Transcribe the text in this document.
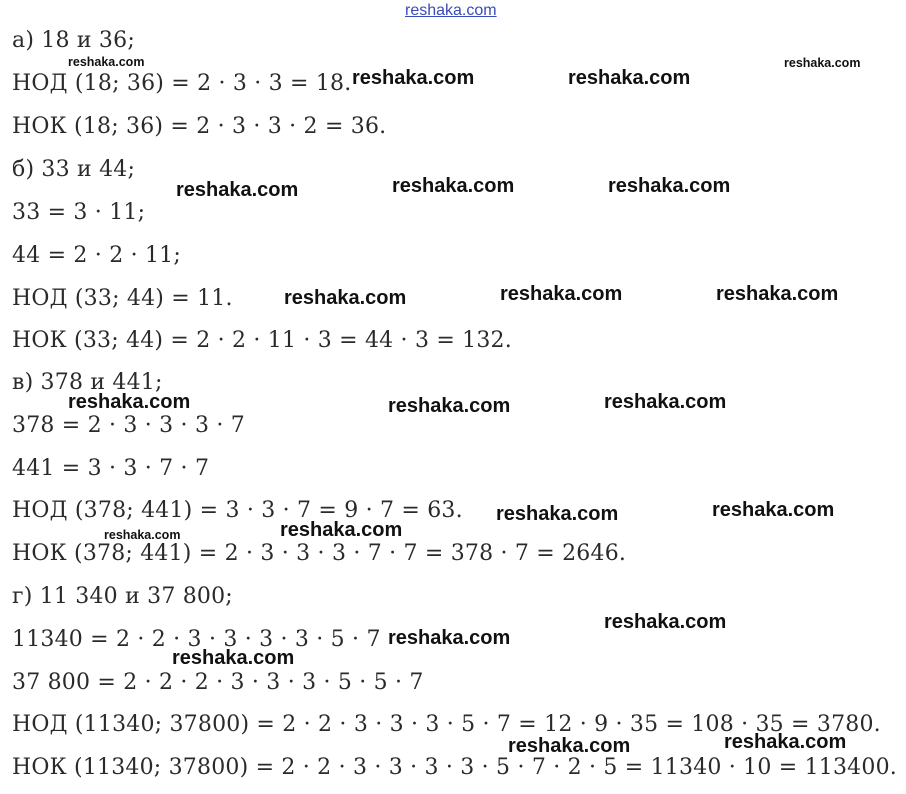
а) 18 и 36;
НОД (18; 36) = 2 · 3 · 3 = 18.
НОК (18; 36) = 2 · 3 · 3 · 2 = 36.
б) 33 и 44;
33 = 3 · 11;
44 = 2 · 2 · 11;
НОД (33; 44) = 11.
НОК (33; 44) = 2 · 2 · 11 · 3 = 44 · 3 = 132.
в) 378 и 441;
378 = 2 · 3 · 3 · 3 · 7
441 = 3 · 3 · 7 · 7
НОД (378; 441) = 3 · 3 · 7 = 9 · 7 = 63.
НОК (378; 441) = 2 · 3 · 3 · 3 · 7 · 7 = 378 · 7 = 2646.
г) 11 340 и 37 800;
11340 = 2 · 2 · 3 · 3 · 3 · 3 · 5 · 7
37 800 = 2 · 2 · 2 · 3 · 3 · 3 · 5 · 5 · 7
НОД (11340; 37800) = 2 · 2 · 3 · 3 · 3 · 5 · 7 = 12 · 9 · 35 = 108 · 35 = 3780.
НОК (11340; 37800) = 2 · 2 · 3 · 3 · 3 · 3 · 5 · 7 · 2 · 5 = 11340 · 10 = 113400.
reshaka.com
reshaka.com	reshaka.com
reshaka.com	reshaka.com
reshaka.com	reshaka.com	reshaka.com
reshaka.com	reshaka.com	reshaka.com
reshaka.com	reshaka.com	reshaka.com
reshaka.com	reshaka.com
reshaka.com
reshaka.com
reshaka.com
reshaka.com
reshaka.com
reshaka.com	reshaka.com
